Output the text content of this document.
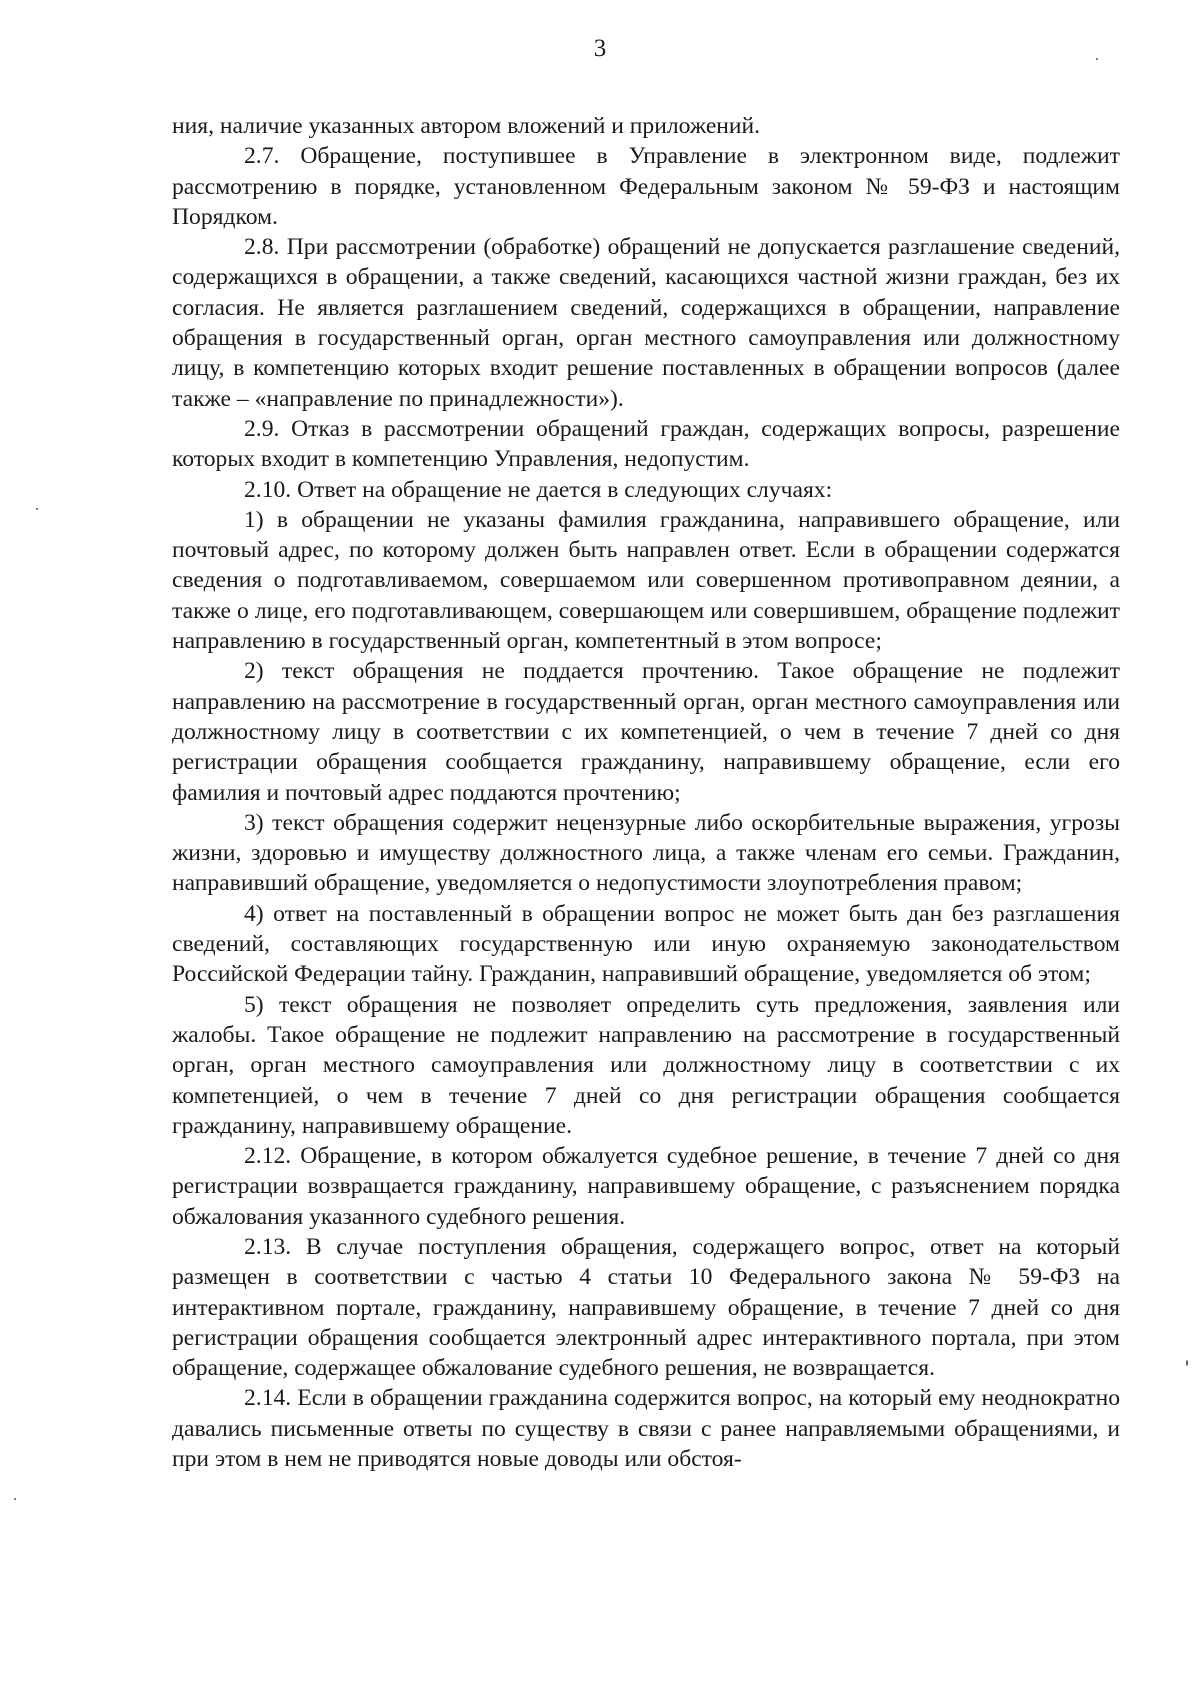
3

ния, наличие указанных автором вложений и приложений.

2.7. Обращение, поступившее в Управление в электронном виде, подлежит рассмотрению в порядке, установленном Федеральным законом № 59-ФЗ и настоящим Порядком.

2.8. При рассмотрении (обработке) обращений не допускается разглашение сведений, содержащихся в обращении, а также сведений, касающихся частной жизни граждан, без их согласия. Не является разглашением сведений, содержащихся в обращении, направление обращения в государственный орган, орган местного самоуправления или должностному лицу, в компетенцию которых входит решение поставленных в обращении вопросов (далее также – «направление по принадлежности»).

2.9. Отказ в рассмотрении обращений граждан, содержащих вопросы, разрешение которых входит в компетенцию Управления, недопустим.

2.10. Ответ на обращение не дается в следующих случаях:

1) в обращении не указаны фамилия гражданина, направившего обращение, или почтовый адрес, по которому должен быть направлен ответ. Если в обращении содержатся сведения о подготавливаемом, совершаемом или совершенном противоправном деянии, а также о лице, его подготавливающем, совершающем или совершившем, обращение подлежит направлению в государственный орган, компетентный в этом вопросе;

2) текст обращения не поддается прочтению. Такое обращение не подлежит направлению на рассмотрение в государственный орган, орган местного самоуправления или должностному лицу в соответствии с их компетенцией, о чем в течение 7 дней со дня регистрации обращения сообщается гражданину, направившему обращение, если его фамилия и почтовый адрес поддаются прочтению;

3) текст обращения содержит нецензурные либо оскорбительные выражения, угрозы жизни, здоровью и имуществу должностного лица, а также членам его семьи. Гражданин, направивший обращение, уведомляется о недопустимости злоупотребления правом;

4) ответ на поставленный в обращении вопрос не может быть дан без разглашения сведений, составляющих государственную или иную охраняемую законодательством Российской Федерации тайну. Гражданин, направивший обращение, уведомляется об этом;

5) текст обращения не позволяет определить суть предложения, заявления или жалобы. Такое обращение не подлежит направлению на рассмотрение в государственный орган, орган местного самоуправления или должностному лицу в соответствии с их компетенцией, о чем в течение 7 дней со дня регистрации обращения сообщается гражданину, направившему обращение.

2.12. Обращение, в котором обжалуется судебное решение, в течение 7 дней со дня регистрации возвращается гражданину, направившему обращение, с разъяснением порядка обжалования указанного судебного решения.

2.13. В случае поступления обращения, содержащего вопрос, ответ на который размещен в соответствии с частью 4 статьи 10 Федерального закона № 59-ФЗ на интерактивном портале, гражданину, направившему обращение, в течение 7 дней со дня регистрации обращения сообщается электронный адрес интерактивного портала, при этом обращение, содержащее обжалование судебного решения, не возвращается.

2.14. Если в обращении гражданина содержится вопрос, на который ему неоднократно давались письменные ответы по существу в связи с ранее направляемыми обращениями, и при этом в нем не приводятся новые доводы или обстоя-
